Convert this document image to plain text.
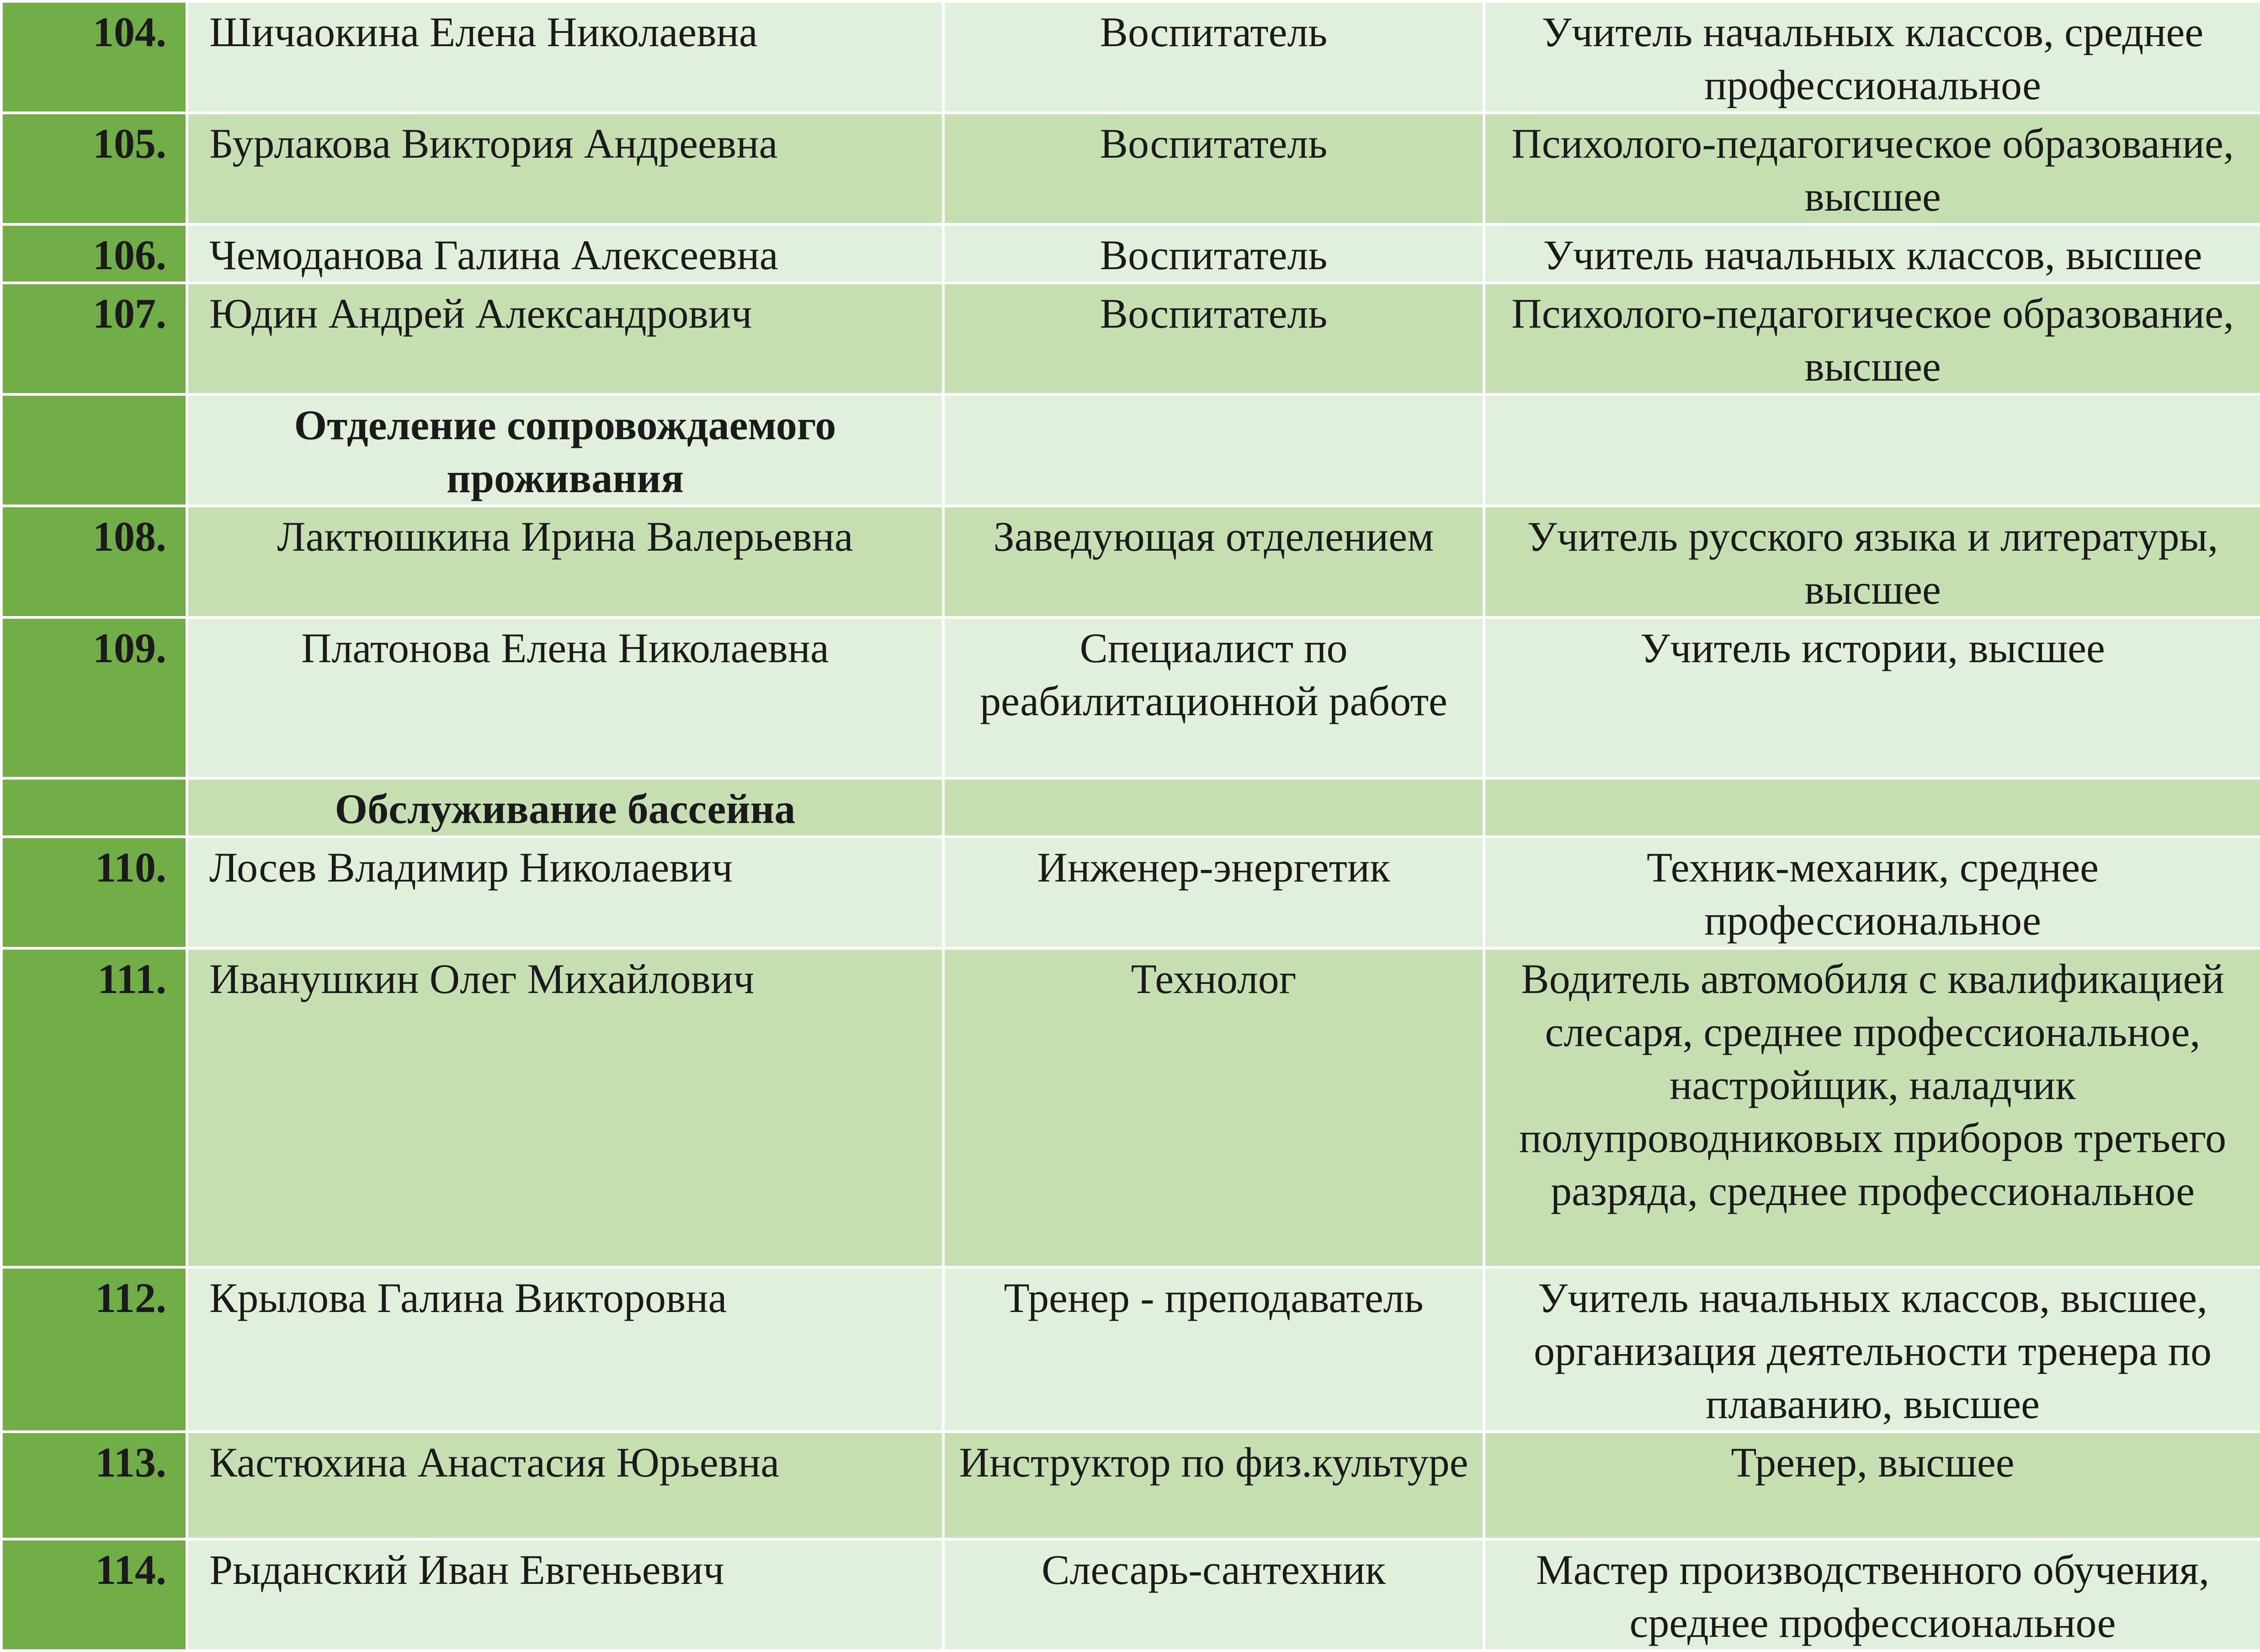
104.	Шичаокина Елена Николаевна	Воспитатель	Учитель начальных классов, среднее профессиональное
105.	Бурлакова Виктория Андреевна	Воспитатель	Психолого-педагогическое образование, высшее
106.	Чемоданова Галина Алексеевна	Воспитатель	Учитель начальных классов, высшее
107.	Юдин Андрей Александрович	Воспитатель	Психолого-педагогическое образование, высшее
	Отделение сопровождаемого проживания		
108.	Лактюшкина Ирина Валерьевна	Заведующая отделением	Учитель русского языка и литературы, высшее
109.	Платонова Елена Николаевна	Специалист по реабилитационной работе	Учитель истории, высшее
	Обслуживание бассейна		
110.	Лосев Владимир Николаевич	Инженер-энергетик	Техник-механик, среднее профессиональное
111.	Иванушкин Олег Михайлович	Технолог	Водитель автомобиля с квалификацией слесаря, среднее профессиональное, настройщик, наладчик полупроводниковых приборов третьего разряда, среднее профессиональное
112.	Крылова Галина Викторовна	Тренер - преподаватель	Учитель начальных классов, высшее, организация деятельности тренера по плаванию, высшее
113.	Кастюхина Анастасия Юрьевна	Инструктор по физ.культуре	Тренер, высшее
114.	Рыданский Иван Евгеньевич	Слесарь-сантехник	Мастер производственного обучения, среднее профессиональное
